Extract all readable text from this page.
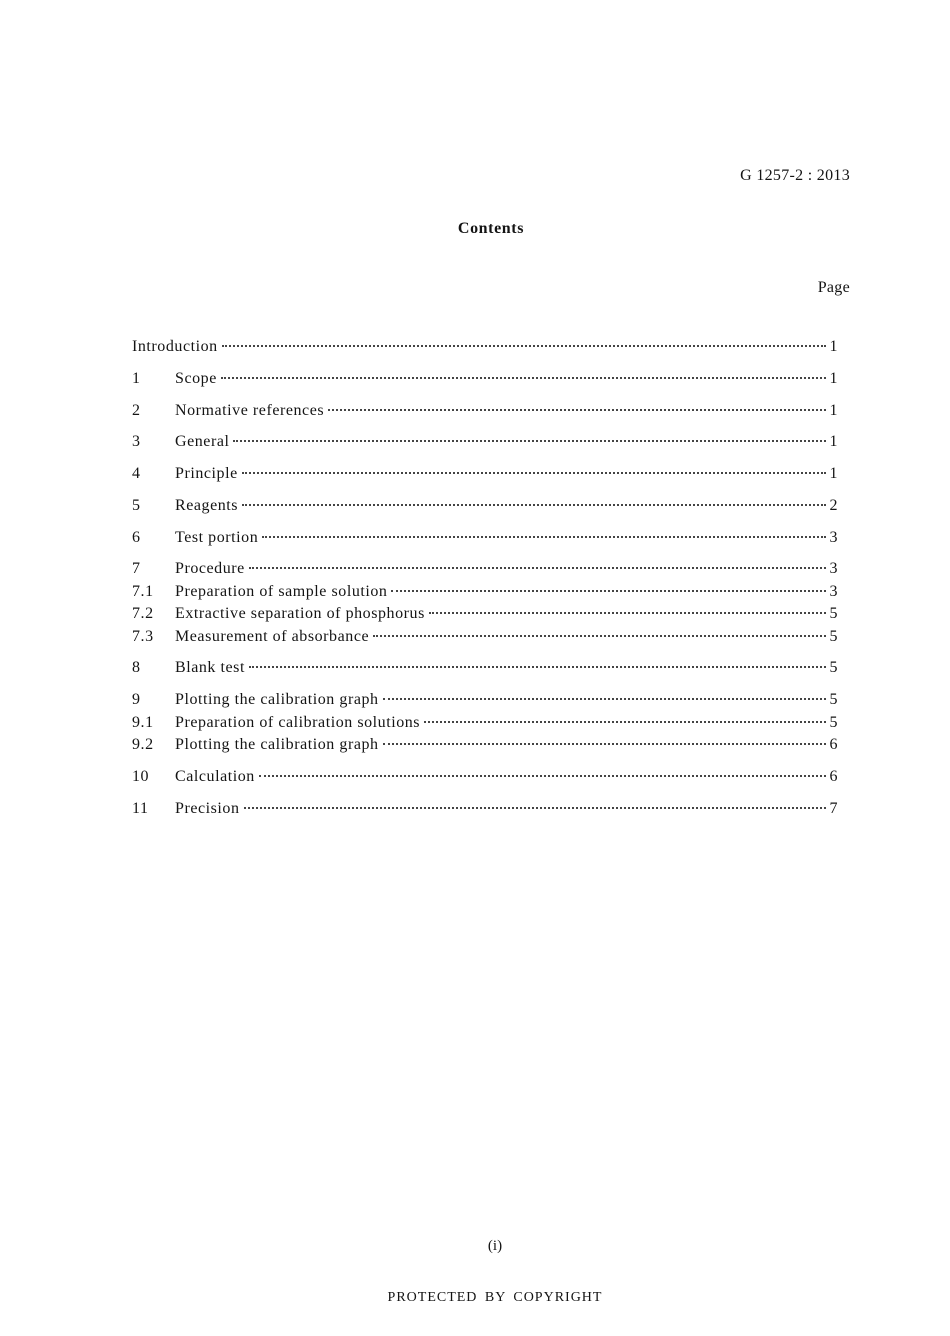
G 1257-2 : 2013
Contents
Page
Introduction	1
1	Scope	1
2	Normative references	1
3	General	1
4	Principle	1
5	Reagents	2
6	Test portion	3
7	Procedure	3
7.1	Preparation of sample solution	3
7.2	Extractive separation of phosphorus	5
7.3	Measurement of absorbance	5
8	Blank test	5
9	Plotting the calibration graph	5
9.1	Preparation of calibration solutions	5
9.2	Plotting the calibration graph	6
10	Calculation	6
11	Precision	7
(i)
PROTECTED BY COPYRIGHT
